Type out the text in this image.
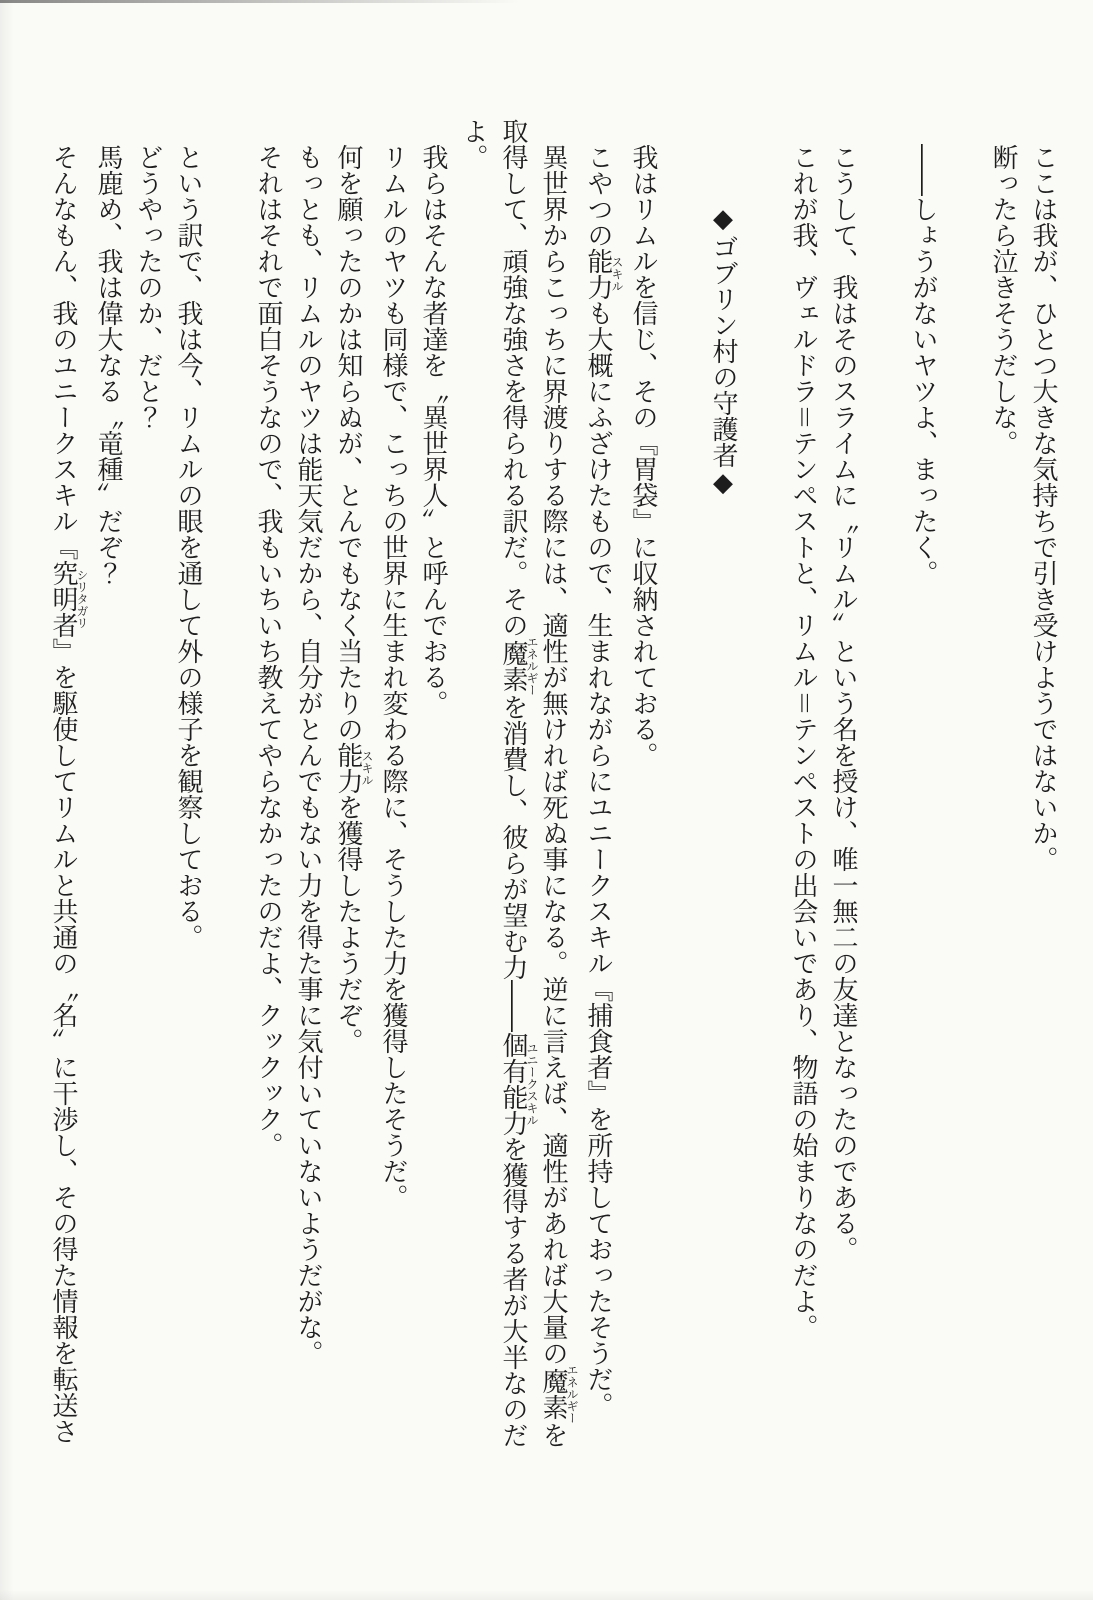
ここは我が、ひとつ大きな気持ちで引き受けようではないか。

断ったら泣きそうだしな。

――しょうがないヤツよ、まったく。

こうして、我はそのスライムに〝リムル〟という名を授け、唯一無二の友達となったのである。

これが我、ヴェルドラ＝テンペストと、リムル＝テンペストの出会いであり、物語の始まりなのだよ。

◆ゴブリン村の守護者◆

我はリムルを信じ、その『胃袋』に収納されておる。

こやつの能力スキルも大概にふざけたもので、生まれながらにユニークスキル『捕食者』を所持しておったそうだ。

異世界からこっちに界渡りする際には、適性が無ければ死ぬ事になる。逆に言えば、適性があれば大量の魔素エネルギーを取得して、頑強な強さを得られる訳だ。その魔素エネルギーを消費し、彼らが望む力――個有能力ユニークスキルを獲得する者が大半なのだよ。

我らはそんな者達を〝異世界人〟と呼んでおる。

リムルのヤツも同様で、こっちの世界に生まれ変わる際に、そうした力を獲得したそうだ。

何を願ったのかは知らぬが、とんでもなく当たりの能力スキルを獲得したようだぞ。

もっとも、リムルのヤツは能天気だから、自分がとんでもない力を得た事に気付いていないようだがな。

それはそれで面白そうなので、我もいちいち教えてやらなかったのだよ、クックック。

という訳で、我は今、リムルの眼を通して外の様子を観察しておる。

どうやったのか、だと？

馬鹿め、我は偉大なる〝竜種〟だぞ？

そんなもん、我のユニークスキル『究明者シリタガリ』を駆使してリムルと共通の〝名〟に干渉し、その得た情報を転送さ
